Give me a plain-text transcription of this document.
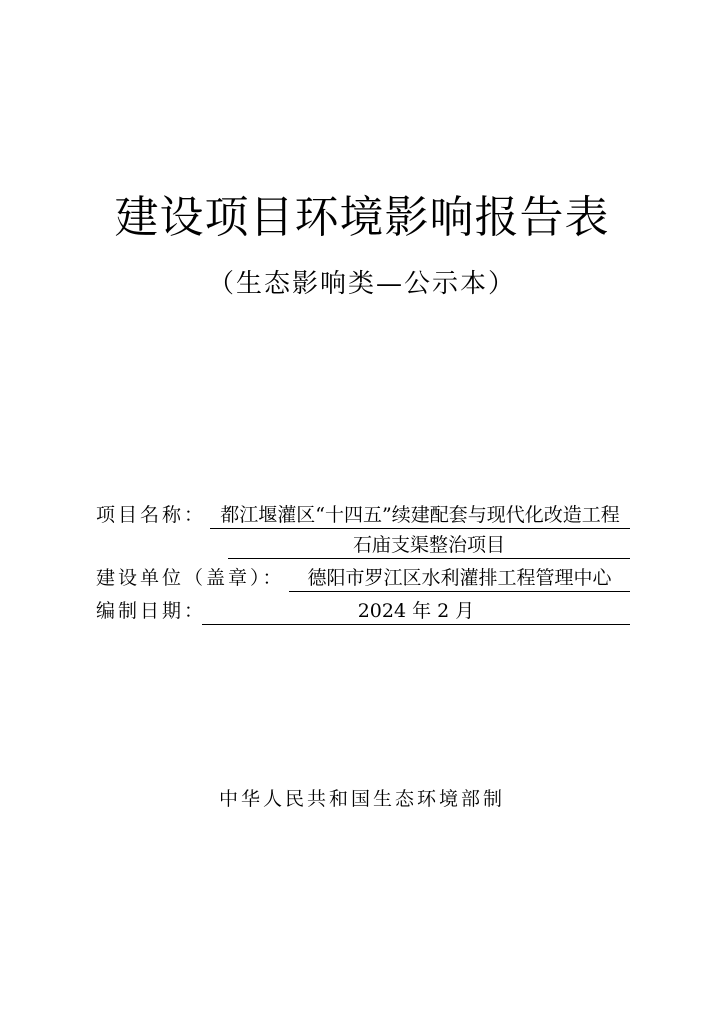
建设项目环境影响报告表
（生态影响类—公示本）
项目名称： 都江堰灌区“十四五”续建配套与现代化改造工程
石庙支渠整治项目
建设单位（盖章）：	德阳市罗江区水利灌排工程管理中心
编制日期：	2024 年 2 月
中华人民共和国生态环境部制
